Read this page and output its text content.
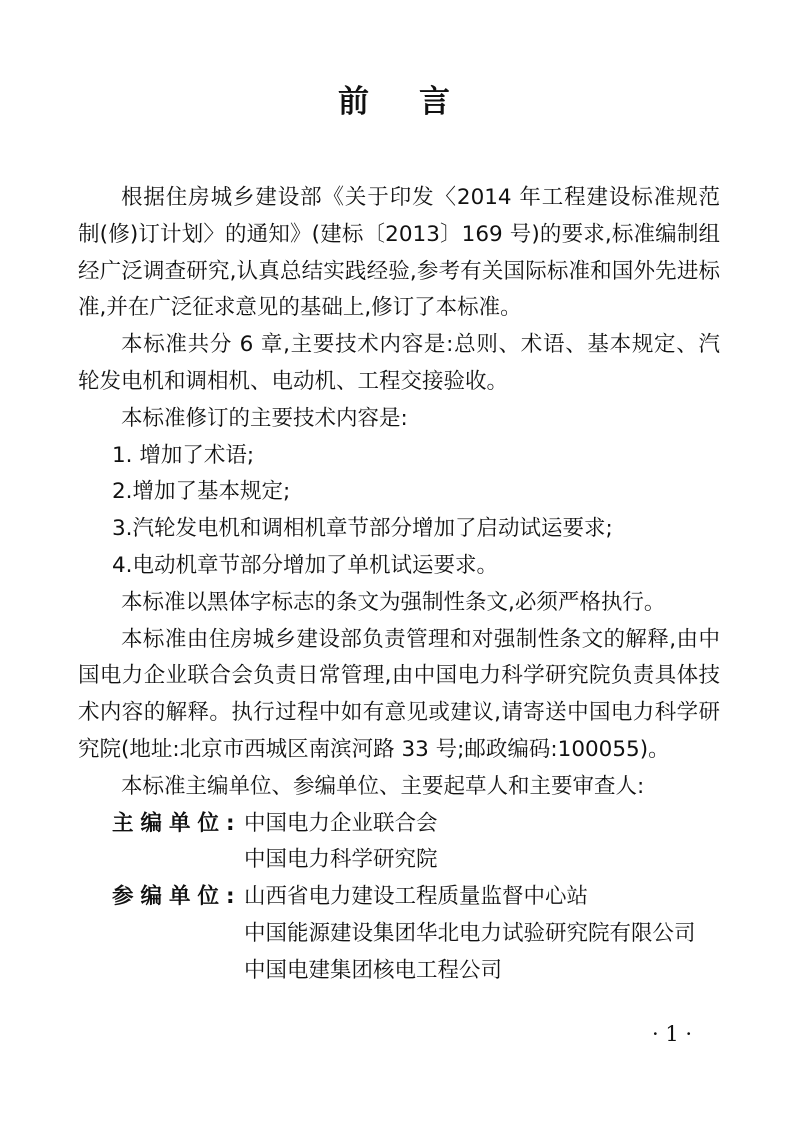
前 言

根据住房城乡建设部《关于印发〈2014 年工程建设标准规范制(修)订计划〉的通知》(建标〔2013〕169 号)的要求,标准编制组经广泛调查研究,认真总结实践经验,参考有关国际标准和国外先进标准,并在广泛征求意见的基础上,修订了本标准。

本标准共分 6 章,主要技术内容是:总则、术语、基本规定、汽轮发电机和调相机、电动机、工程交接验收。

本标准修订的主要技术内容是:

1. 增加了术语;

2.增加了基本规定;

3.汽轮发电机和调相机章节部分增加了启动试运要求;

4.电动机章节部分增加了单机试运要求。

本标准以黑体字标志的条文为强制性条文,必须严格执行。

本标准由住房城乡建设部负责管理和对强制性条文的解释,由中国电力企业联合会负责日常管理,由中国电力科学研究院负责具体技术内容的解释。执行过程中如有意见或建议,请寄送中国电力科学研究院(地址:北京市西城区南滨河路 33 号;邮政编码:100055)。

本标准主编单位、参编单位、主要起草人和主要审查人:

主编单位: 中国电力企业联合会
中国电力科学研究院
参编单位: 山西省电力建设工程质量监督中心站
中国能源建设集团华北电力试验研究院有限公司
中国电建集团核电工程公司
· 1 ·
